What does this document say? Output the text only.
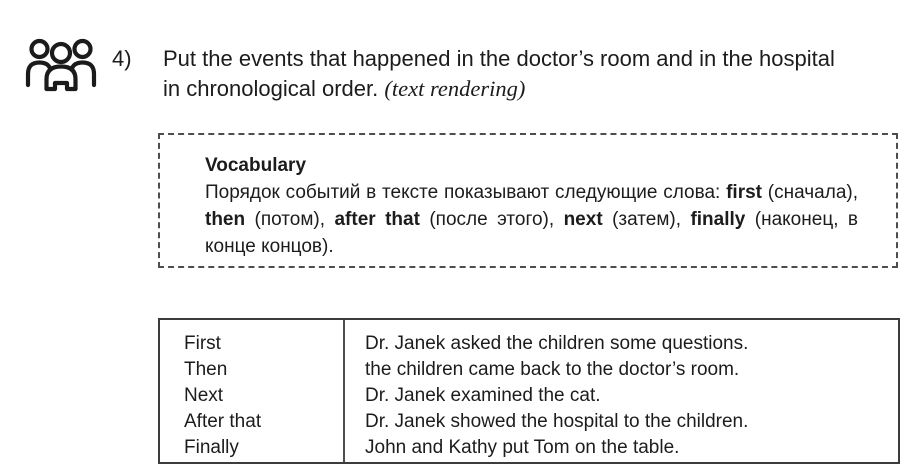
4) Put the events that happened in the doctor’s room and in the hospital
in chronological order. (text rendering)
Vocabulary
Порядок событий в тексте показывают следующие слова: first (сначала), then (потом), after that (после этого), next (затем), finally (наконец, в конце концов).
First
Then
Next
After that
Finally
Dr. Janek asked the children some questions.
the children came back to the doctor’s room.
Dr. Janek examined the cat.
Dr. Janek showed the hospital to the children.
John and Kathy put Tom on the table.
